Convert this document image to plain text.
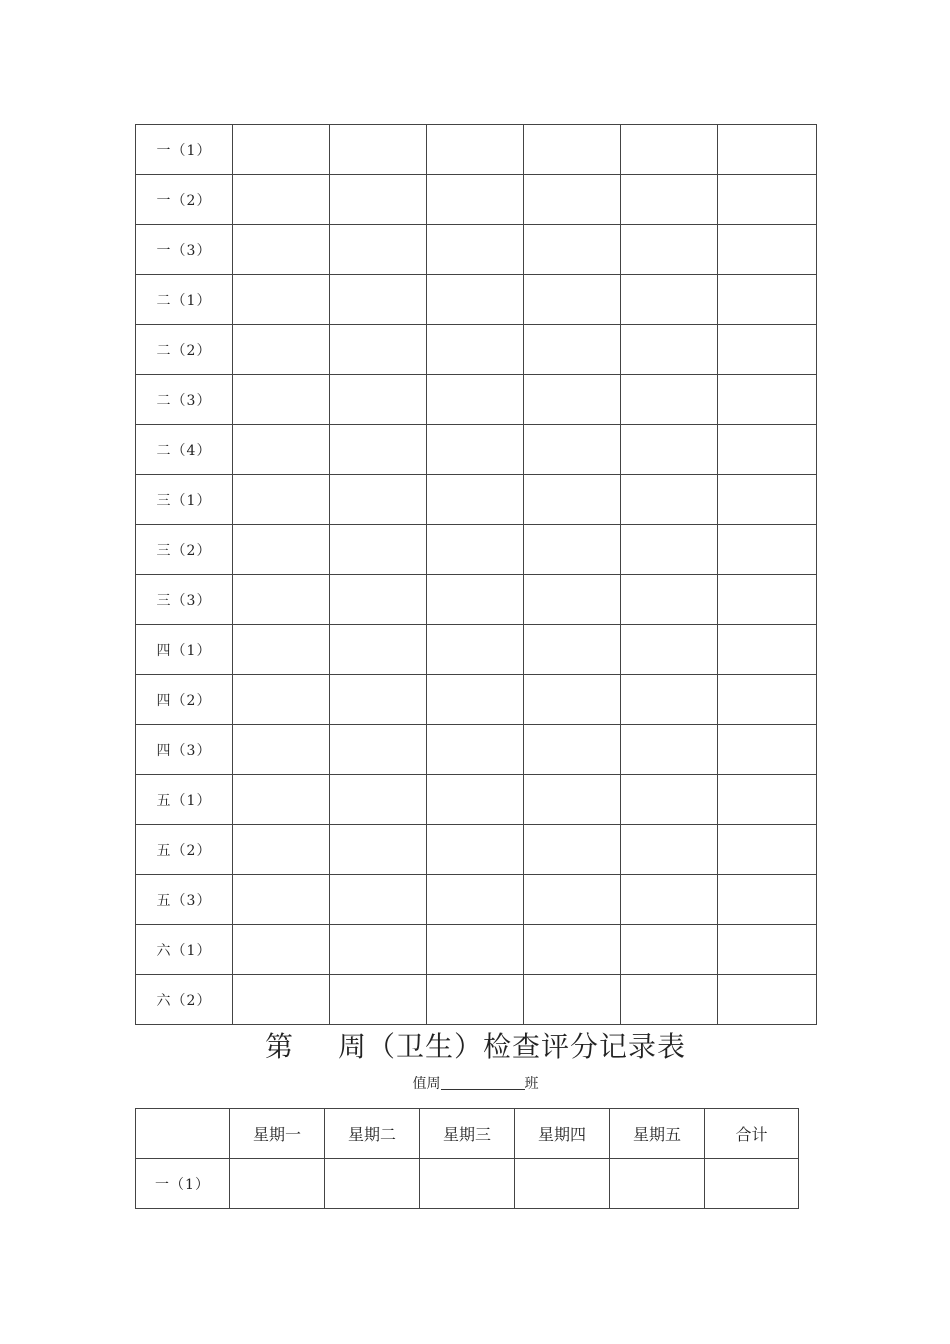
一（1）						
一（2）						
一（3）						
二（1）						
二（2）						
二（3）						
二（4）						
三（1）						
三（2）						
三（3）						
四（1）						
四（2）						
四（3）						
五（1）						
五（2）						
五（3）						
六（1）						
六（2）						
第 周（卫生）检查评分记录表
值周	班
	星期一	星期二	星期三	星期四	星期五	合计
一（1）						
